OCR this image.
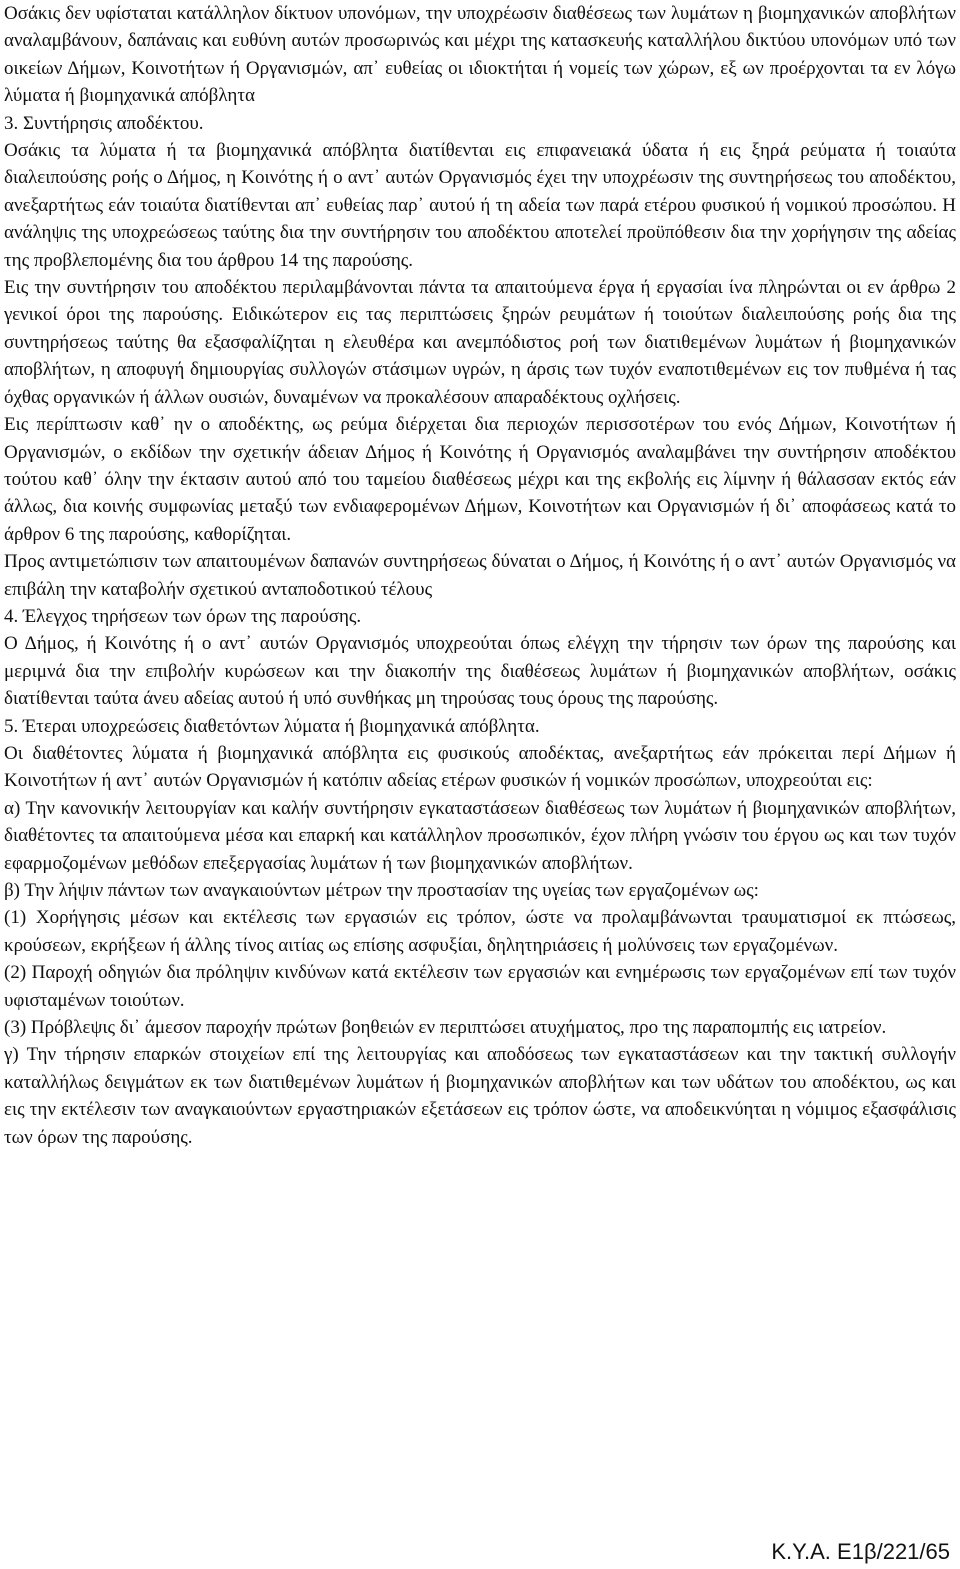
Οσάκις δεν υφίσταται κατάλληλον δίκτυον υπονόμων, την υποχρέωσιν διαθέσεως των λυμάτων η βιομηχανικών αποβλήτων αναλαμβάνουν, δαπάναις και ευθύνη αυτών προσωρινώς και μέχρι της κατασκευής καταλλήλου δικτύου υπονόμων υπό των οικείων Δήμων, Κοινοτήτων ή Οργανισμών, απ᾽ ευθείας οι ιδιοκτήται ή νομείς των χώρων, εξ ων προέρχονται τα εν λόγω λύματα ή βιομηχανικά απόβλητα

3. Συντήρησις αποδέκτου.

Οσάκις τα λύματα ή τα βιομηχανικά απόβλητα διατίθενται εις επιφανειακά ύδατα ή εις ξηρά ρεύματα ή τοιαύτα διαλειπούσης ροής ο Δήμος, η Κοινότης ή ο αντ᾽ αυτών Οργανισμός έχει την υποχρέωσιν της συντηρήσεως του αποδέκτου, ανεξαρτήτως εάν τοιαύτα διατίθενται απ᾽ ευθείας παρ᾽ αυτού ή τη αδεία των παρά ετέρου φυσικού ή νομικού προσώπου. Η ανάληψις της υποχρεώσεως ταύτης δια την συντήρησιν του αποδέκτου αποτελεί προϋπόθεσιν δια την χορήγησιν της αδείας της προβλεπομένης δια του άρθρου 14 της παρούσης.

Εις την συντήρησιν του αποδέκτου περιλαμβάνονται πάντα τα απαιτούμενα έργα ή εργασίαι ίνα πληρώνται οι εν άρθρω 2 γενικοί όροι της παρούσης. Ειδικώτερον εις τας περιπτώσεις ξηρών ρευμάτων ή τοιούτων διαλειπούσης ροής δια της συντηρήσεως ταύτης θα εξασφαλίζηται η ελευθέρα και ανεμπόδιστος ροή των διατιθεμένων λυμάτων ή βιομηχανικών αποβλήτων, η αποφυγή δημιουργίας συλλογών στάσιμων υγρών, η άρσις των τυχόν εναποτιθεμένων εις τον πυθμένα ή τας όχθας οργανικών ή άλλων ουσιών, δυναμένων να προκαλέσουν απαραδέκτους οχλήσεις.

Εις περίπτωσιν καθ᾽ ην ο αποδέκτης, ως ρεύμα διέρχεται δια περιοχών περισσοτέρων του ενός Δήμων, Κοινοτήτων ή Οργανισμών, ο εκδίδων την σχετικήν άδειαν Δήμος ή Κοινότης ή Οργανισμός αναλαμβάνει την συντήρησιν αποδέκτου τούτου καθ᾽ όλην την έκτασιν αυτού από του ταμείου διαθέσεως μέχρι και της εκβολής εις λίμνην ή θάλασσαν εκτός εάν άλλως, δια κοινής συμφωνίας μεταξύ των ενδιαφερομένων Δήμων, Κοινοτήτων και Οργανισμών ή δι᾽ αποφάσεως κατά το άρθρον 6 της παρούσης, καθορίζηται.

Προς αντιμετώπισιν των απαιτουμένων δαπανών συντηρήσεως δύναται ο Δήμος, ή Κοινότης ή ο αντ᾽ αυτών Οργανισμός να επιβάλη την καταβολήν σχετικού ανταποδοτικού τέλους

4. Έλεγχος τηρήσεων των όρων της παρούσης.

Ο Δήμος, ή Κοινότης ή ο αντ᾽ αυτών Οργανισμός υποχρεούται όπως ελέγχη την τήρησιν των όρων της παρούσης και μεριμνά δια την επιβολήν κυρώσεων και την διακοπήν της διαθέσεως λυμάτων ή βιομηχανικών αποβλήτων, οσάκις διατίθενται ταύτα άνευ αδείας αυτού ή υπό συνθήκας μη τηρούσας τους όρους της παρούσης.

5. Έτεραι υποχρεώσεις διαθετόντων λύματα ή βιομηχανικά απόβλητα.

Οι διαθέτοντες λύματα ή βιομηχανικά απόβλητα εις φυσικούς αποδέκτας, ανεξαρτήτως εάν πρόκειται περί Δήμων ή Κοινοτήτων ή αντ᾽ αυτών Οργανισμών ή κατόπιν αδείας ετέρων φυσικών ή νομικών προσώπων, υποχρεούται εις:

α) Την κανονικήν λειτουργίαν και καλήν συντήρησιν εγκαταστάσεων διαθέσεως των λυμάτων ή βιομηχανικών αποβλήτων, διαθέτοντες τα απαιτούμενα μέσα και επαρκή και κατάλληλον προσωπικόν, έχον πλήρη γνώσιν του έργου ως και των τυχόν εφαρμοζομένων μεθόδων επεξεργασίας λυμάτων ή των βιομηχανικών αποβλήτων.

β) Την λήψιν πάντων των αναγκαιούντων μέτρων την προστασίαν της υγείας των εργαζομένων ως:

(1) Χορήγησις μέσων και εκτέλεσις των εργασιών εις τρόπον, ώστε να προλαμβάνωνται τραυματισμοί εκ πτώσεως, κρούσεων, εκρήξεων ή άλλης τίνος αιτίας ως επίσης ασφυξίαι, δηλητηριάσεις ή μολύνσεις των εργαζομένων.

(2) Παροχή οδηγιών δια πρόληψιν κινδύνων κατά εκτέλεσιν των εργασιών και ενημέρωσις των εργαζομένων επί των τυχόν υφισταμένων τοιούτων.

(3) Πρόβλεψις δι᾽ άμεσον παροχήν πρώτων βοηθειών εν περιπτώσει ατυχήματος, προ της παραπομπής εις ιατρείον.

γ) Την τήρησιν επαρκών στοιχείων επί της λειτουργίας και αποδόσεως των εγκαταστάσεων και την τακτική συλλογήν καταλλήλως δειγμάτων εκ των διατιθεμένων λυμάτων ή βιομηχανικών αποβλήτων και των υδάτων του αποδέκτου, ως και εις την εκτέλεσιν των αναγκαιούντων εργαστηριακών εξετάσεων εις τρόπον ώστε, να αποδεικνύηται η νόμιμος εξασφάλισις των όρων της παρούσης.

Κ.Υ.Α. Ε1β/221/65
